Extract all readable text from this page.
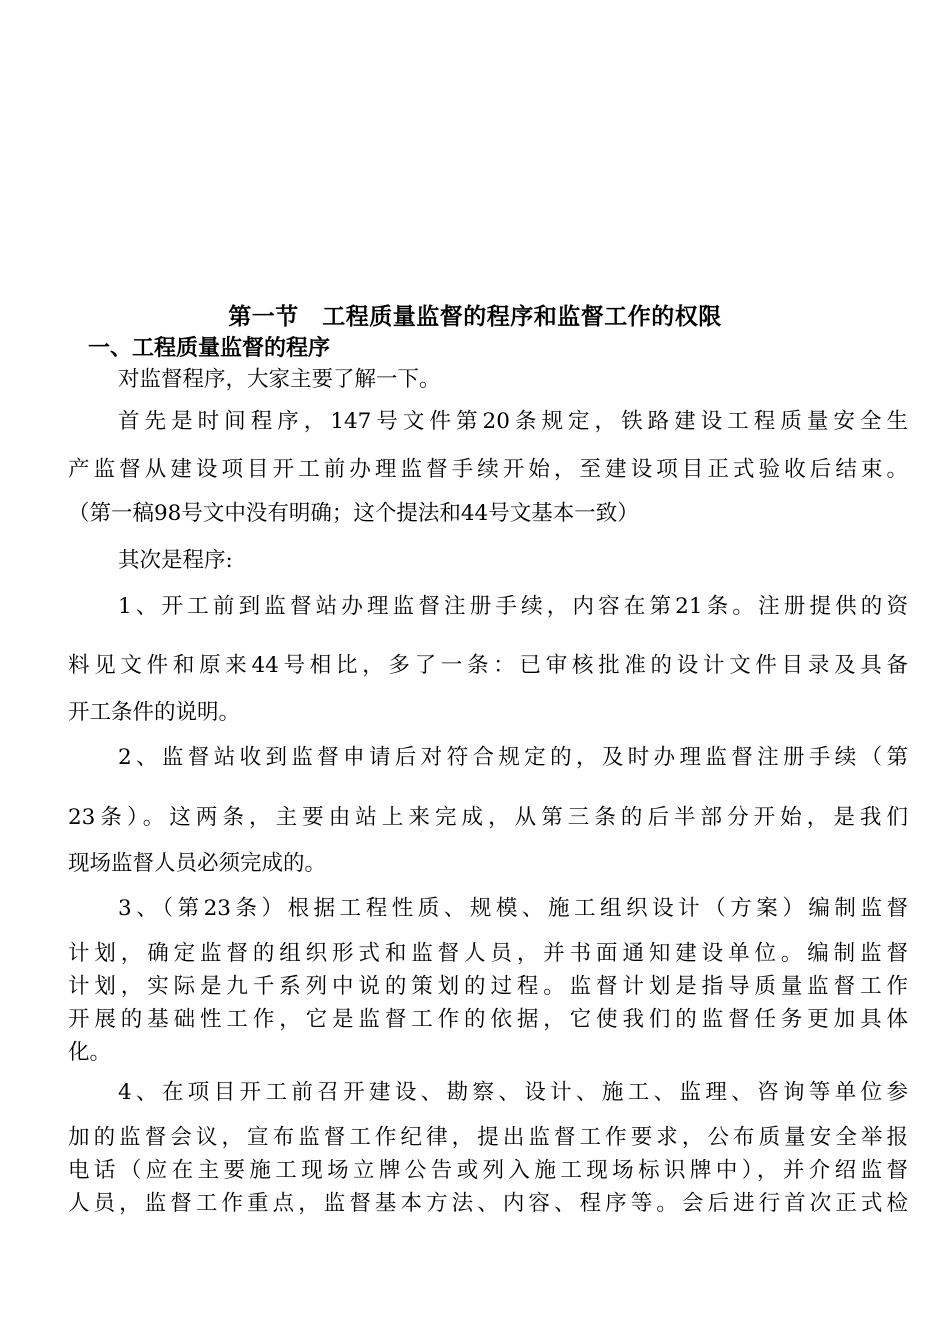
第一节　工程质量监督的程序和监督工作的权限
一、工程质量监督的程序
对监督程序，大家主要了解一下。
首先是时间程序，147号文件第20条规定，铁路建设工程质量安全生
产监督从建设项目开工前办理监督手续开始，至建设项目正式验收后结束。
（第一稿98号文中没有明确；这个提法和44号文基本一致）
其次是程序:
1、开工前到监督站办理监督注册手续，内容在第21条。注册提供的资
料见文件和原来44号相比，多了一条：已审核批准的设计文件目录及具备
开工条件的说明。
2、监督站收到监督申请后对符合规定的，及时办理监督注册手续（第
23条）。这两条，主要由站上来完成，从第三条的后半部分开始，是我们
现场监督人员必须完成的。
3、（第23条）根据工程性质、规模、施工组织设计（方案）编制监督
计划，确定监督的组织形式和监督人员，并书面通知建设单位。编制监督
计划，实际是九千系列中说的策划的过程。监督计划是指导质量监督工作
开展的基础性工作，它是监督工作的依据，它使我们的监督任务更加具体
化。
4、在项目开工前召开建设、勘察、设计、施工、监理、咨询等单位参
加的监督会议，宣布监督工作纪律，提出监督工作要求，公布质量安全举报
电话（应在主要施工现场立牌公告或列入施工现场标识牌中），并介绍监督
人员，监督工作重点，监督基本方法、内容、程序等。会后进行首次正式检
